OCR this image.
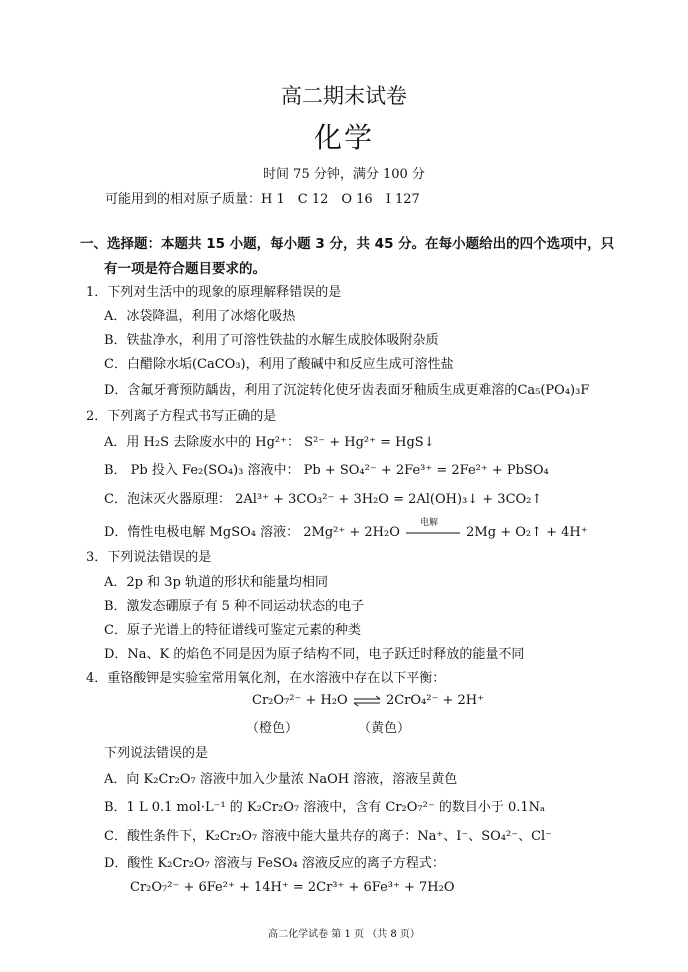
高二期末试卷
化学
时间 75 分钟，满分 100 分
可能用到的相对原子质量：H 1　C 12　O 16　I 127
一、选择题：本题共 15 小题，每小题 3 分，共 45 分。在每小题给出的四个选项中，只
有一项是符合题目要求的。
1．下列对生活中的现象的原理解释错误的是
A．冰袋降温，利用了冰熔化吸热
B．铁盐净水，利用了可溶性铁盐的水解生成胶体吸附杂质
C．白醋除水垢(CaCO₃)，利用了酸碱中和反应生成可溶性盐
D．含氟牙膏预防龋齿，利用了沉淀转化使牙齿表面牙釉质生成更难溶的Ca₅(PO₄)₃F
2．下列离子方程式书写正确的是
A．用 H₂S 去除废水中的 Hg²⁺： S²⁻ + Hg²⁺ = HgS↓
B． Pb 投入 Fe₂(SO₄)₃ 溶液中： Pb + SO₄²⁻ + 2Fe³⁺ = 2Fe²⁺ + PbSO₄
C．泡沫灭火器原理： 2Al³⁺ + 3CO₃²⁻ + 3H₂O = 2Al(OH)₃↓ + 3CO₂↑
D．惰性电极电解 MgSO₄ 溶液： 2Mg²⁺ + 2H₂O
电解
2Mg + O₂↑ + 4H⁺
3．下列说法错误的是
A．2p 和 3p 轨道的形状和能量均相同
B．激发态硼原子有 5 种不同运动状态的电子
C．原子光谱上的特征谱线可鉴定元素的种类
D．Na、K 的焰色不同是因为原子结构不同，电子跃迁时释放的能量不同
4．重铬酸钾是实验室常用氧化剂，在水溶液中存在以下平衡：
Cr₂O₇²⁻ + H₂O ⇌ 2CrO₄²⁻ + 2H⁺
（橙色）	（黄色）
下列说法错误的是
A．向 K₂Cr₂O₇ 溶液中加入少量浓 NaOH 溶液，溶液呈黄色
B．1 L 0.1 mol·L⁻¹ 的 K₂Cr₂O₇ 溶液中，含有 Cr₂O₇²⁻ 的数目小于 0.1Nₐ
C．酸性条件下，K₂Cr₂O₇ 溶液中能大量共存的离子：Na⁺、I⁻、SO₄²⁻、Cl⁻
D．酸性 K₂Cr₂O₇ 溶液与 FeSO₄ 溶液反应的离子方程式：
Cr₂O₇²⁻ + 6Fe²⁺ + 14H⁺ = 2Cr³⁺ + 6Fe³⁺ + 7H₂O
高二化学试卷 第 1 页 （共 8 页）
